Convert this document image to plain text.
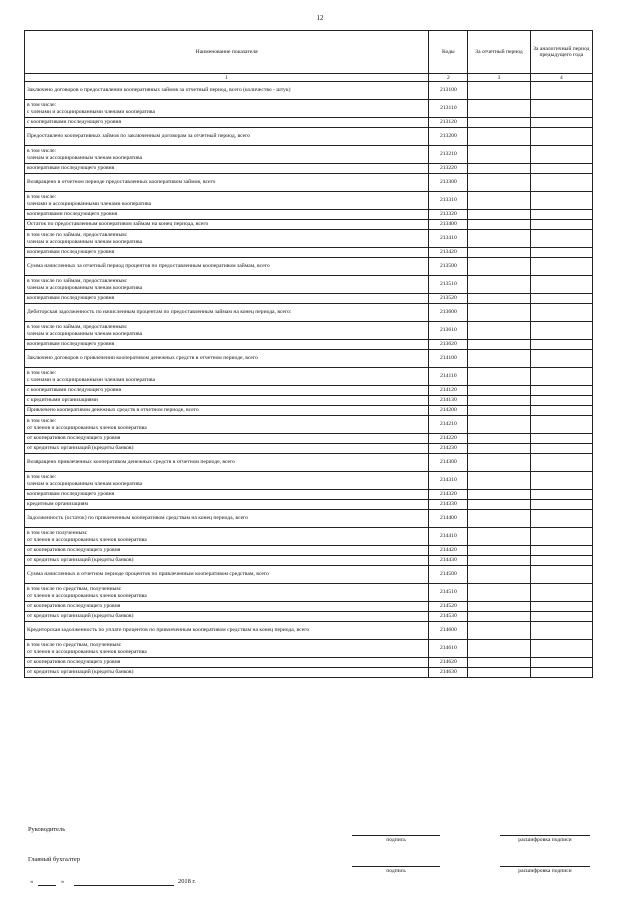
12
Наименование показателя	Коды	За отчетный период	За аналогичный период предыдущего года
1	2	3	4
Заключено договоров о предоставлении кооперативных займов за отчетный период, всего (количество - штук)	213100		
в том числе:
с членами и ассоциированными членами кооператива	213110		
с кооперативами последующего уровня	213120		
Предоставлено кооперативных займов по заключенным договорам за отчетный период, всего	213200		
в том числе:
членам и ассоциированным членам кооператива	213210		
кооперативам последующего уровня	213220		
Возвращено в отчетном периоде предоставленных кооперативом займов, всего	213300		
в том числе:
членами и ассоциированными членами кооператива	213310		
кооперативами последующего уровня	213320		
Остаток по предоставленным кооперативом займам на конец периода, всего	213400		
в том числе по займам, предоставленным:
членам и ассоциированным членам кооператива	213410		
кооперативам последующего уровня	213420		
Сумма начисленных за отчетный период процентов по предоставленным кооперативом займам, всего	213500		
в том числе по займам, предоставленным:
членам и ассоциированным членам кооператива	213510		
кооперативам последующего уровня	213520		
Дебиторская задолженность по начисленным процентам по предоставленным займам на конец периода, всего:	213600		
в том числе по займам, предоставленным:
членам и ассоциированным членам кооператива	213610		
кооперативам последующего уровня	213620		
Заключено договоров о привлечении кооперативом денежных средств в отчетном периоде, всего	214100		
в том числе:
с членами и ассоциированными членами кооператива	214110		
с кооперативами последующего уровня	214120		
с кредитными организациями	214130		
Привлечено кооперативом денежных средств в отчетном периоде, всего	214200		
в том числе:
от членов и ассоциированных членов кооператива	214210		
от кооперативов последующего уровня	214220		
от кредитных организаций (кредиты банков)	214230		
Возвращено привлеченных кооперативом денежных средств в отчетном периоде, всего	214300		
в том числе:
членам и ассоциированным членам кооператива	214310		
кооперативам последующего уровня	214320		
кредитным организациям	214330		
Задолженность (остаток) по привлеченным кооперативом средствам на конец периода, всего	214400		
в том числе полученным:
от членов и ассоциированных членов кооператива	214410		
от кооперативов последующего уровня	214420		
от кредитных организаций (кредиты банков)	214430		
Сумма начисленных в отчетном периоде процентов по привлеченным кооперативом средствам, всего	214500		
в том числе по средствам, полученным:
от членов и ассоциированных членов кооператива	214510		
от кооперативов последующего уровня	214520		
от кредитных организаций (кредиты банков)	214530		
Кредиторская задолженность по уплате процентов по привлеченным кооперативом средствам на конец периода, всего	214600		
в том числе по средствам, полученным:
от членов и ассоциированных членов кооператива	214610		
от кооперативов последующего уровня	214620		
от кредитных организаций (кредиты банков)	214630		
Руководитель
подпись	расшифровка подписи
Главный бухгалтер
подпись	расшифровка подписи
«	»	2018 г.
